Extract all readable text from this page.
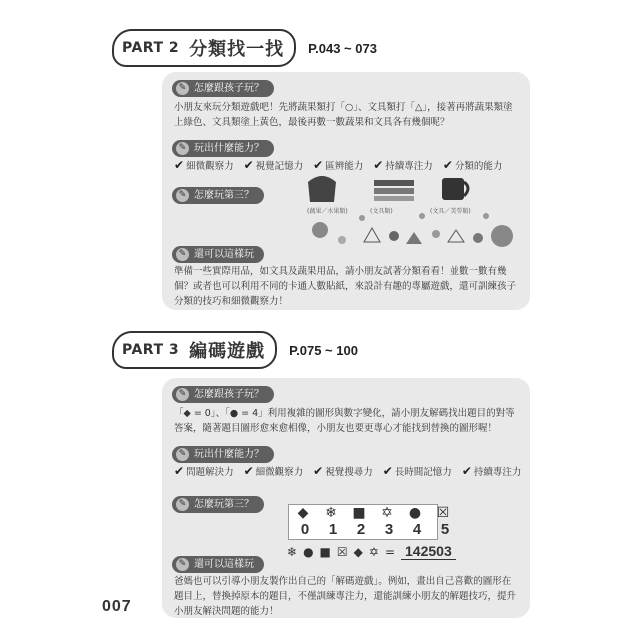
PART 2 分類找一找 P.043 ~ 073
✎ 怎麼跟孩子玩？
小朋友來玩分類遊戲吧！先將蔬果類打「○」、文具類打「△」，接著再將蔬果類塗上綠色、文具類塗上黃色，最後再數一數蔬果和文具各有幾個呢？
✎ 玩出什麼能力？
✔ 細微觀察力 ✔ 視覺記憶力 ✔ 區辨能力 ✔ 持續專注力 ✔ 分類的能力
✎ 怎麼玩第三？
(蔬果／水果類)	(文具類)	(文具／美勞類)
✎ 還可以這樣玩
準備一些實際用品，如文具及蔬果用品，請小朋友試著分類看看！並數一數有幾個？或者也可以利用不同的卡通人數貼紙，來設計有趣的專屬遊戲，還可訓練孩子分類的技巧和細微觀察力！
PART 3 編碼遊戲 P.075 ~ 100
✎ 怎麼跟孩子玩？
「◆ = 0」、「● = 4」利用複雜的圖形與數字變化，請小朋友解碼找出題目的對等答案，隨著題目圖形愈來愈相像，小朋友也要更專心才能找到替換的圖形喔！
✎ 玩出什麼能力？
✔ 問題解決力 ✔ 細微觀察力 ✔ 視覺搜尋力 ✔ 長時間記憶力 ✔ 持續專注力
✎ 怎麼玩第三？
✎ 還可以這樣玩
爸媽也可以引導小朋友製作出自己的「解碼遊戲」。例如，畫出自己喜歡的圖形在題目上，替換掉原本的題目，不僅訓練專注力，還能訓練小朋友的解題技巧，提升小朋友解決問題的能力！
◆ ❄ ■ ✡ ● ☒
0 1 2 3 4 5
❄ ● ■ ☒ ◆ ✡ = 142503
007
